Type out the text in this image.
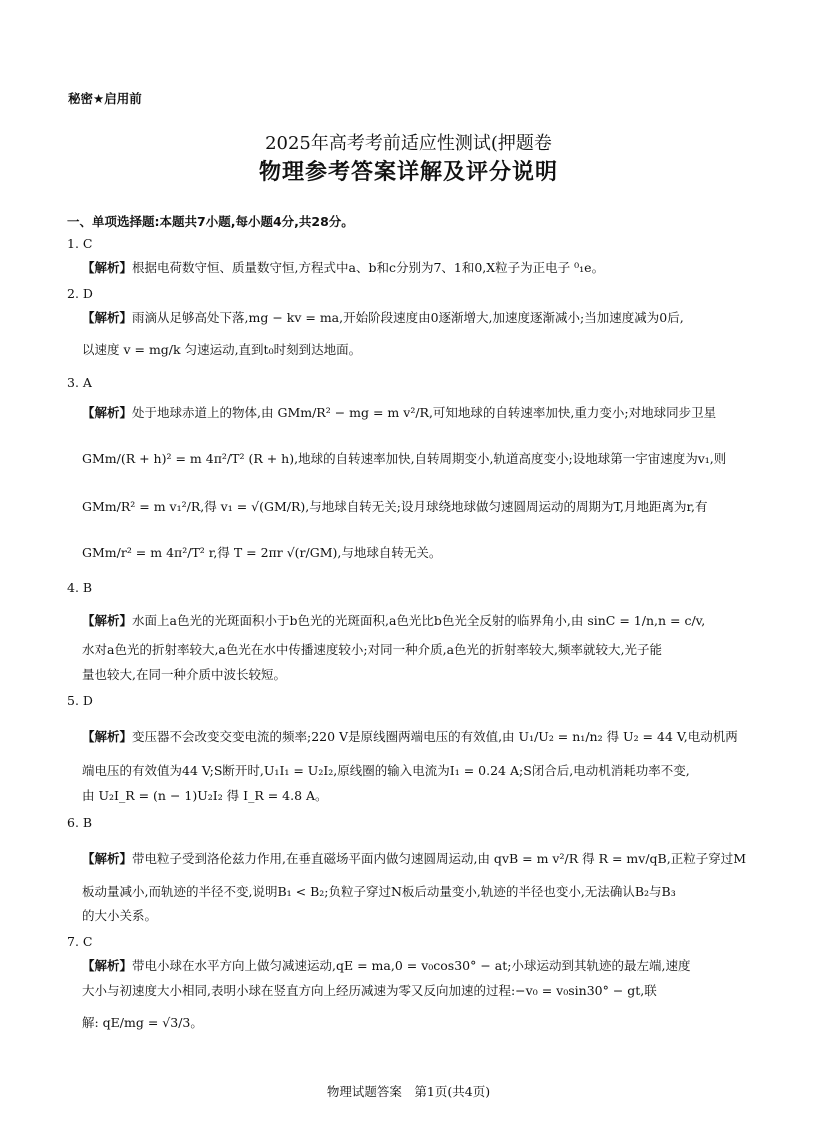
秘密★启用前
2025年高考考前适应性测试(押题卷
物理参考答案详解及评分说明
一、单项选择题:本题共7小题,每小题4分,共28分。
1. C
【解析】根据电荷数守恒、质量数守恒,方程式中a、b和c分别为7、1和0,X粒子为正电子 ⁰₁e。
2. D
【解析】雨滴从足够高处下落,mg − kv = ma,开始阶段速度由0逐渐增大,加速度逐渐减小;当加速度减为0后,
以速度 v = mg/k 匀速运动,直到t₀时刻到达地面。
3. A
【解析】处于地球赤道上的物体,由 GMm/R² − mg = m v²/R,可知地球的自转速率加快,重力变小;对地球同步卫星
GMm/(R + h)² = m 4π²/T² (R + h),地球的自转速率加快,自转周期变小,轨道高度变小;设地球第一宇宙速度为v₁,则
GMm/R² = m v₁²/R,得 v₁ = √(GM/R),与地球自转无关;设月球绕地球做匀速圆周运动的周期为T,月地距离为r,有
GMm/r² = m 4π²/T² r,得 T = 2πr √(r/GM),与地球自转无关。
4. B
【解析】水面上a色光的光斑面积小于b色光的光斑面积,a色光比b色光全反射的临界角小,由 sinC = 1/n,n = c/v,
水对a色光的折射率较大,a色光在水中传播速度较小;对同一种介质,a色光的折射率较大,频率就较大,光子能
量也较大,在同一种介质中波长较短。
5. D
【解析】变压器不会改变交变电流的频率;220 V是原线圈两端电压的有效值,由 U₁/U₂ = n₁/n₂ 得 U₂ = 44 V,电动机两
端电压的有效值为44 V;S断开时,U₁I₁ = U₂I₂,原线圈的输入电流为I₁ = 0.24 A;S闭合后,电动机消耗功率不变,
由 U₂I_R = (n − 1)U₂I₂ 得 I_R = 4.8 A。
6. B
【解析】带电粒子受到洛伦兹力作用,在垂直磁场平面内做匀速圆周运动,由 qvB = m v²/R 得 R = mv/qB,正粒子穿过M
板动量减小,而轨迹的半径不变,说明B₁ < B₂;负粒子穿过N板后动量变小,轨迹的半径也变小,无法确认B₂与B₃
的大小关系。
7. C
【解析】带电小球在水平方向上做匀减速运动,qE = ma,0 = v₀cos30° − at;小球运动到其轨迹的最左端,速度
大小与初速度大小相同,表明小球在竖直方向上经历减速为零又反向加速的过程:−v₀ = v₀sin30° − gt,联
解: qE/mg = √3/3。
物理试题答案　第1页(共4页)
